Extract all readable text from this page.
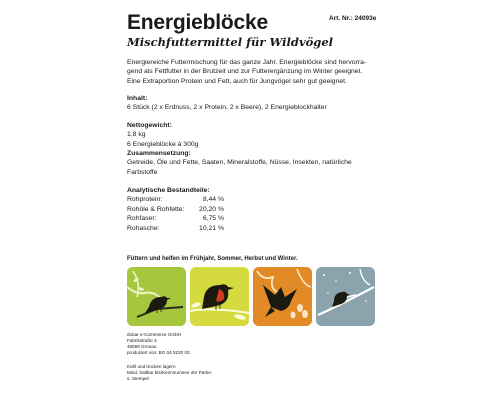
Energieblöcke
Mischfuttermittel für Wildvögel
Art. Nr.: 24093e
Energiereiche Futtermischung für das ganze Jahr. Energieblöcke sind hervorra-
gend als Fettfutter in der Brutzeit und zur Futterergänzung im Winter geeignet.
Eine Extraportion Protein und Fett, auch für Jungvögel sehr gut geeignet.
Inhalt:
6 Stück (2 x Erdnuss, 2 x Protein, 2 x Beere), 2 Energieblockhalter
Nettogewicht:
1,8 kg
6 Energieblöcke à 300g
Zusammensetzung:
Getreide, Öle und Fette, Saaten, Mineralstoffe, Nüsse, Insekten, natürliche
Farbstoffe
Analytische Bestandteile:
Rohprotein:	8,44 %
Rohöle & Rohfette:	20,20 %
Rohfaser:	6,75 %
Rohasche:	10,21 %
Füttern und helfen im Frühjahr, Sommer, Herbst und Winter.
dobar e-Commerce GmbH
Fabrikstraße 3
48599 Gronau
produziert von: BG 04 5220 03
Kühl und trocken lagern
Mind. haltbar bis/Kennnummer der Partie:
s. Stempel
